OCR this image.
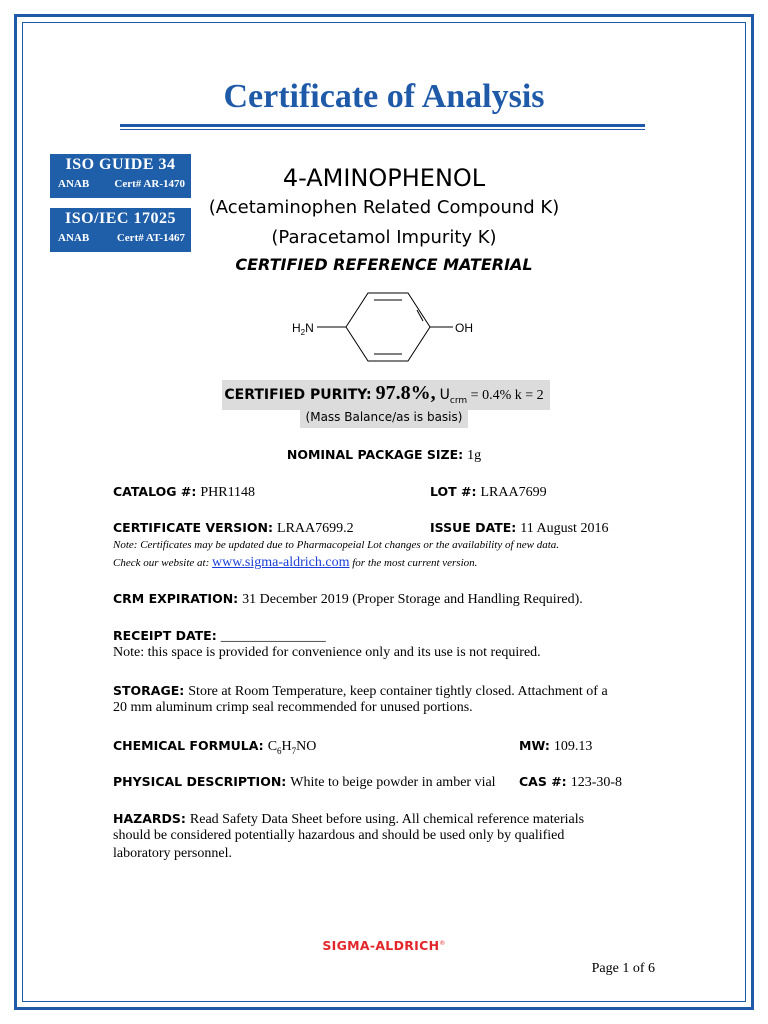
Certificate of Analysis
ISO GUIDE 34
ANAB Cert# AR-1470
ISO/IEC 17025
ANAB	Cert# AT-1467
4-AMINOPHENOL
(Acetaminophen Related Compound K)
(Paracetamol Impurity K)
CERTIFIED REFERENCE MATERIAL
$H_2N$	OH
CERTIFIED PURITY: 97.8%, $U_{crm} = 0.4\%$ k = 2
(Mass Balance/as is basis)
NOMINAL PACKAGE SIZE: 1g
CATALOG #: PHR1148	LOT #: LRAA7699
CERTIFICATE VERSION: LRAA7699.2	ISSUE DATE: 11 August 2016
Note: Certificates may be updated due to Pharmacopeial Lot changes or the availability of new data.
Check our website at: www.sigma-aldrich.com for the most current version.
CRM EXPIRATION: 31 December 2019 (Proper Storage and Handling Required).
RECEIPT DATE: _______________
Note: this space is provided for convenience only and its use is not required.
STORAGE: Store at Room Temperature, keep container tightly closed. Attachment of a
20 mm aluminum crimp seal recommended for unused portions.
CHEMICAL FORMULA: $C_6H_7NO$	MW: 109.13
PHYSICAL DESCRIPTION: White to beige powder in amber vial CAS #: 123-30-8
HAZARDS: Read Safety Data Sheet before using. All chemical reference materials
should be considered potentially hazardous and should be used only by qualified
laboratory personnel.
SIGMA-ALDRICH®
Page 1 of 6
